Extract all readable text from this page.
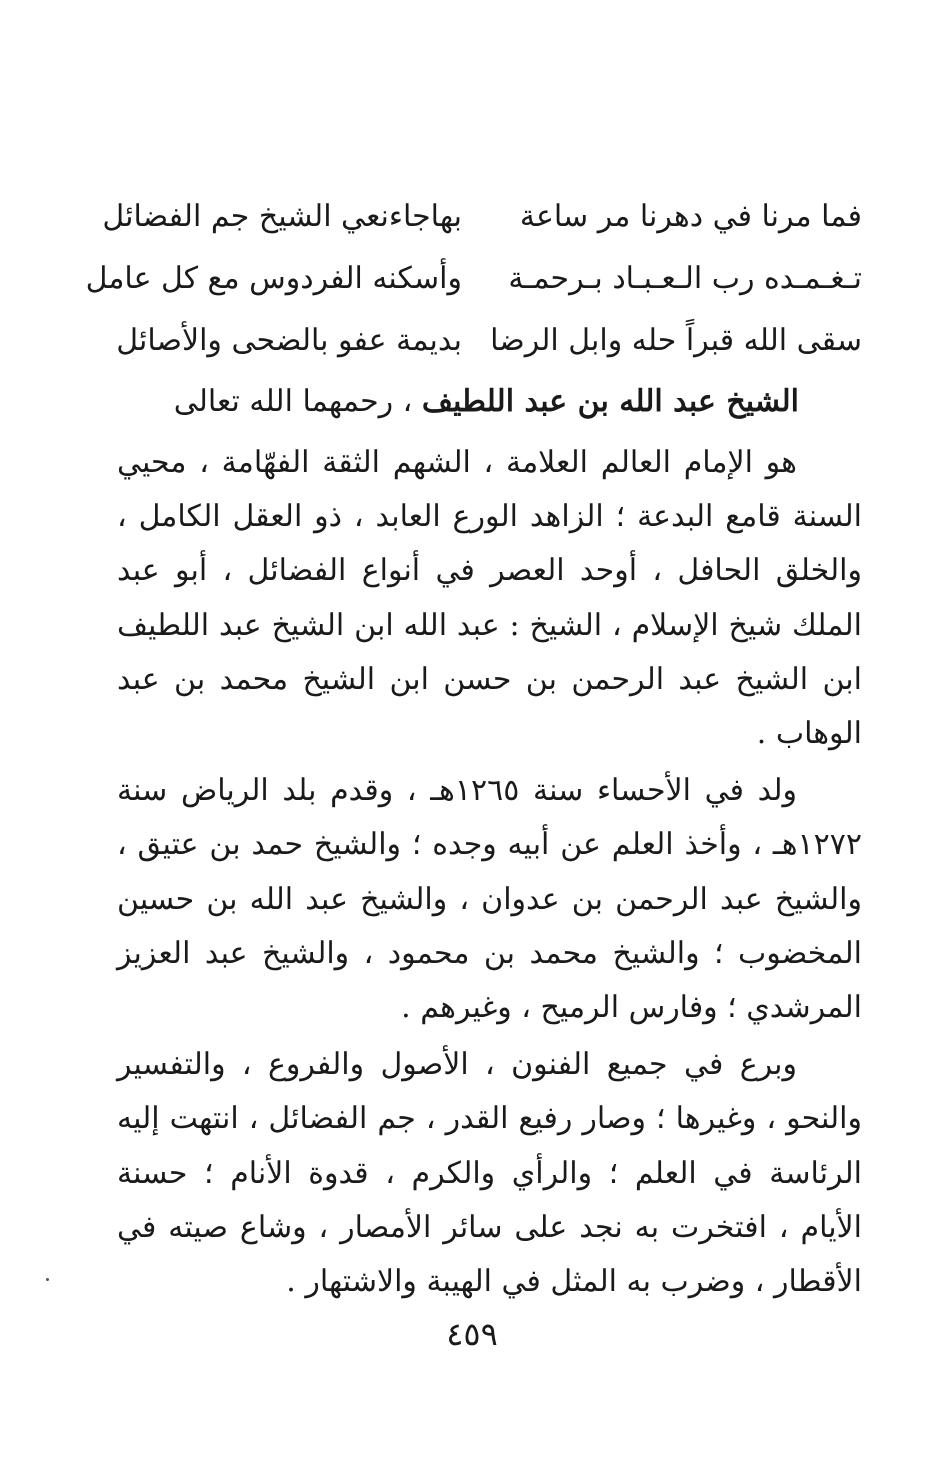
فما مرنا في دهرنا مر ساعة
بهاجاءنعي الشيخ جم الفضائل
تـغـمـده رب الـعـبـاد بـرحمـة
وأسكنه الفردوس مع كل عامل
سقى الله قبراً حله وابل الرضا
بديمة عفو بالضحى والأصائل
الشيخ عبد الله بن عبد اللطيف ، رحمهما الله تعالى

هو الإمام العالم العلامة ، الشهم الثقة الفهّامة ، محيي السنة قامع البدعة ؛ الزاهد الورع العابد ، ذو العقل الكامل ، والخلق الحافل ، أوحد العصر في أنواع الفضائل ، أبو عبد الملك شيخ الإسلام ، الشيخ : عبد الله ابن الشيخ عبد اللطيف ابن الشيخ عبد الرحمن بن حسن ابن الشيخ محمد بن عبد الوهاب .

ولد في الأحساء سنة ١٢٦٥هـ ، وقدم بلد الرياض سنة ١٢٧٢هـ ، وأخذ العلم عن أبيه وجده ؛ والشيخ حمد بن عتيق ، والشيخ عبد الرحمن بن عدوان ، والشيخ عبد الله بن حسين المخضوب ؛ والشيخ محمد بن محمود ، والشيخ عبد العزيز المرشدي ؛ وفارس الرميح ، وغيرهم .

وبرع في جميع الفنون ، الأصول والفروع ، والتفسير والنحو ، وغيرها ؛ وصار رفيع القدر ، جم الفضائل ، انتهت إليه الرئاسة في العلم ؛ والرأي والكرم ، قدوة الأنام ؛ حسنة الأيام ، افتخرت به نجد على سائر الأمصار ، وشاع صيته في الأقطار ، وضرب به المثل في الهيبة والاشتهار .

٤٥٩
